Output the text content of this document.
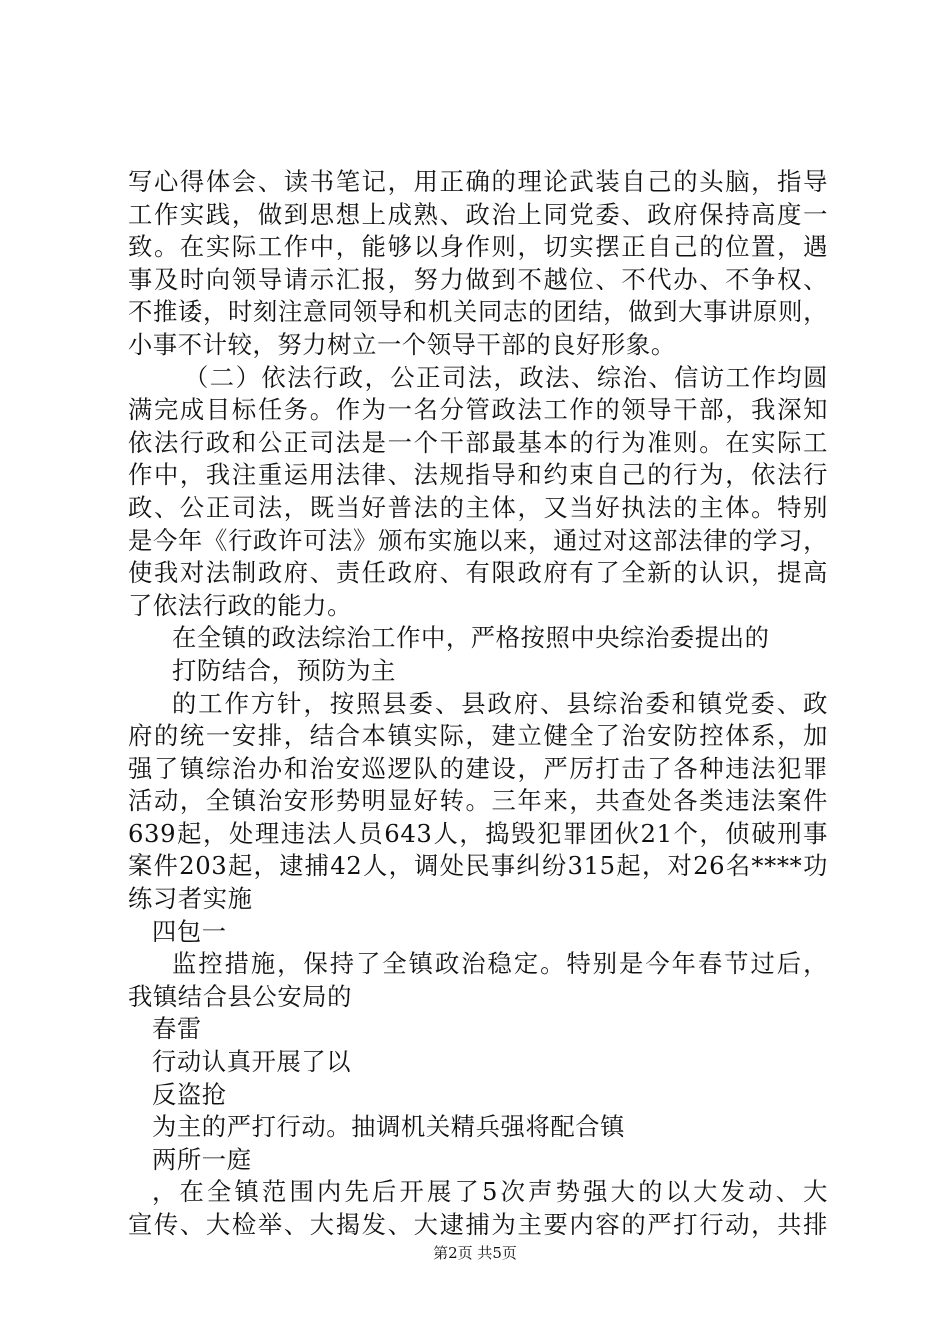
写心得体会、读书笔记，用正确的理论武装自己的头脑，指导
工作实践，做到思想上成熟、政治上同党委、政府保持高度一
致。在实际工作中，能够以身作则，切实摆正自己的位置，遇
事及时向领导请示汇报，努力做到不越位、不代办、不争权、
不推诿，时刻注意同领导和机关同志的团结，做到大事讲原则，
小事不计较，努力树立一个领导干部的良好形象。
（二）依法行政，公正司法，政法、综治、信访工作均圆
满完成目标任务。作为一名分管政法工作的领导干部，我深知
依法行政和公正司法是一个干部最基本的行为准则。在实际工
作中，我注重运用法律、法规指导和约束自己的行为，依法行
政、公正司法，既当好普法的主体，又当好执法的主体。特别
是今年《行政许可法》颁布实施以来，通过对这部法律的学习，
使我对法制政府、责任政府、有限政府有了全新的认识，提高
了依法行政的能力。
在全镇的政法综治工作中，严格按照中央综治委提出的
打防结合，预防为主
的工作方针，按照县委、县政府、县综治委和镇党委、政
府的统一安排，结合本镇实际，建立健全了治安防控体系，加
强了镇综治办和治安巡逻队的建设，严厉打击了各种违法犯罪
活动，全镇治安形势明显好转。三年来，共查处各类违法案件
639起，处理违法人员643人，捣毁犯罪团伙21个，侦破刑事
案件203起，逮捕42人，调处民事纠纷315起，对26名****功
练习者实施
四包一
监控措施，保持了全镇政治稳定。特别是今年春节过后，
我镇结合县公安局的
春雷
行动认真开展了以
反盗抢
为主的严打行动。抽调机关精兵强将配合镇
两所一庭
，在全镇范围内先后开展了5次声势强大的以大发动、大
宣传、大检举、大揭发、大逮捕为主要内容的严打行动，共排
第2页 共5页
